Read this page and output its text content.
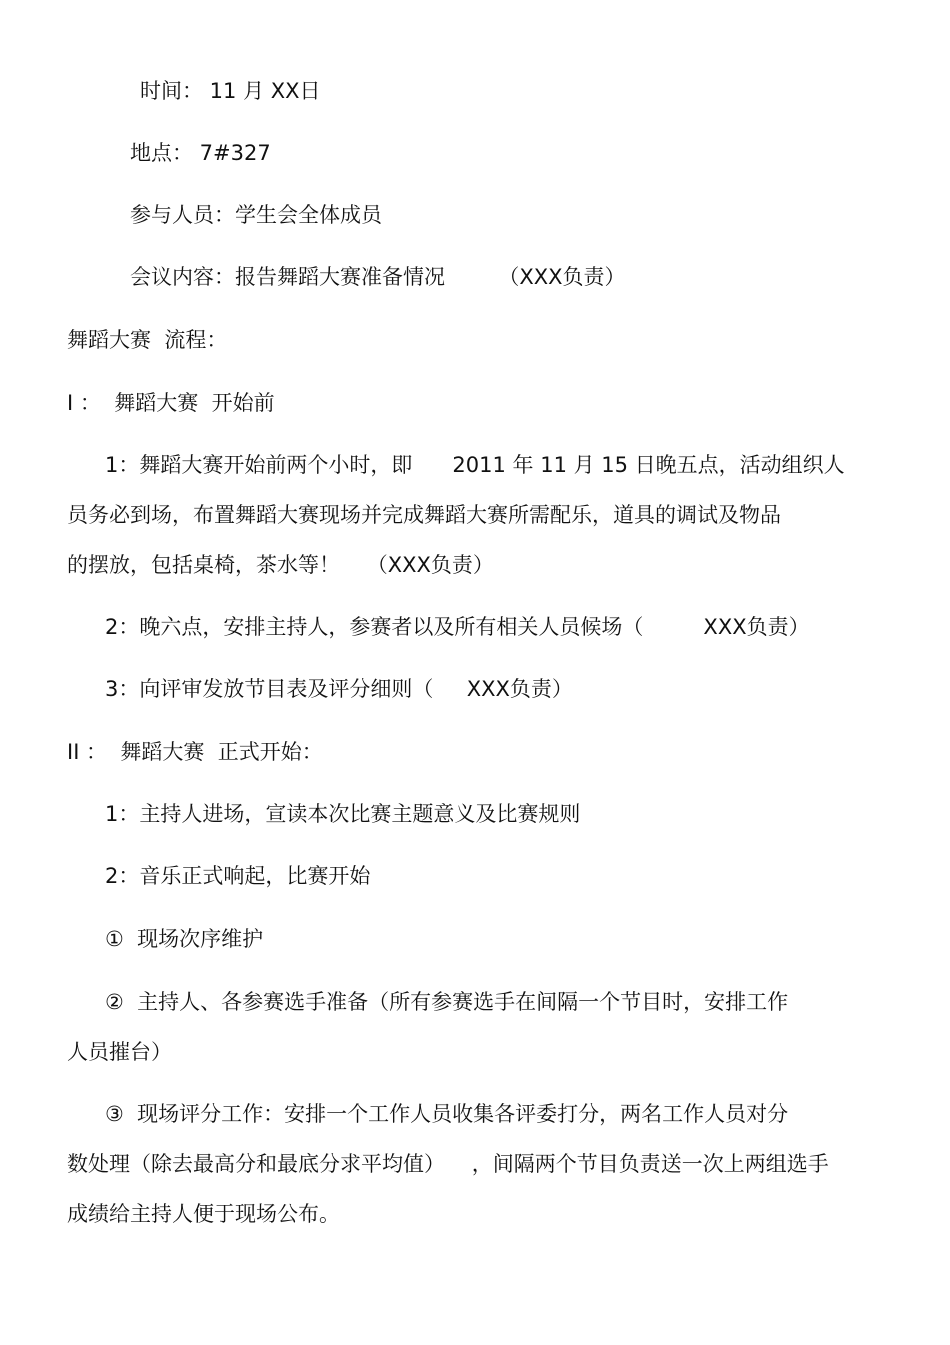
时间： 11 月 XX日
地点： 7#327
参与人员：学生会全体成员
会议内容：报告舞蹈大赛准备情况        （XXX负责）
舞蹈大赛  流程：
I ：  舞蹈大赛  开始前
1：舞蹈大赛开始前两个小时，即      2011 年 11 月 15 日晚五点，活动组织人
员务必到场，布置舞蹈大赛现场并完成舞蹈大赛所需配乐，道具的调试及物品
的摆放，包括桌椅，茶水等！    （XXX负责）
2：晚六点，安排主持人，参赛者以及所有相关人员候场（         XXX负责）
3：向评审发放节目表及评分细则（     XXX负责）
II ：  舞蹈大赛  正式开始：
1：主持人进场，宣读本次比赛主题意义及比赛规则
2：音乐正式响起，比赛开始
①  现场次序维护
②  主持人、各参赛选手准备（所有参赛选手在间隔一个节目时，安排工作
人员摧台）
③  现场评分工作：安排一个工作人员收集各评委打分，两名工作人员对分
数处理（除去最高分和最底分求平均值）    ，间隔两个节目负责送一次上两组选手
成绩给主持人便于现场公布。
